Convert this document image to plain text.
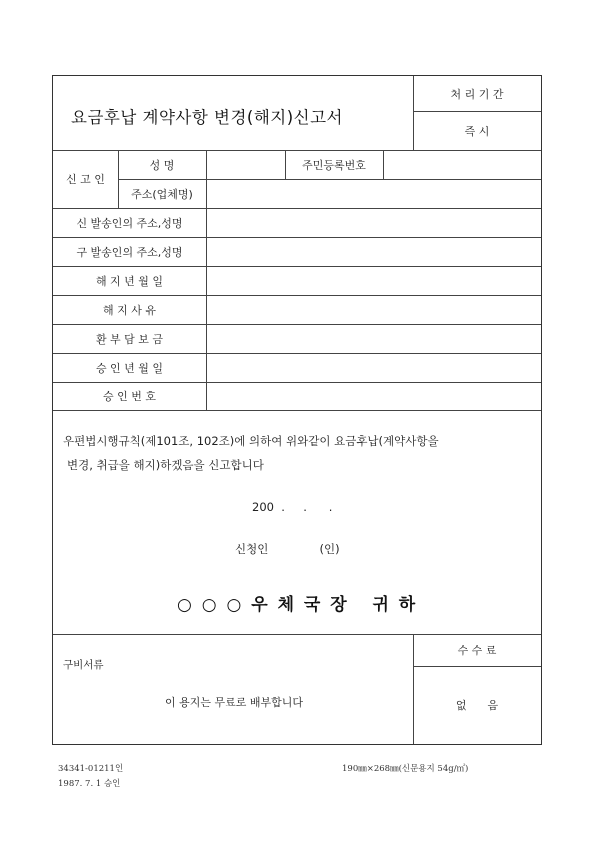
요금후납 계약사항 변경(해지)신고서
처 리 기 간
즉 시
신 고 인
성 명	주민등록번호
주소(업체명)
신 발송인의 주소,성명
구 발송인의 주소,성명
해 지 년 월 일
해 지 사 유
환 부 담 보 금
승 인 년 월 일
승 인 번 호
우편법시행규칙(제101조, 102조)에 의하여 위와같이 요금후납(계약사항을
변경, 취급을 해지)하겠음을 신고합니다
200  .     .      .
신청인              (인)
○ ○ ○ 우 체 국 장   귀 하
구비서류
이 용지는 무료로 배부합니다
수 수 료
없      음
34341-01211인
1987. 7. 1 승인
190㎜×268㎜(신문용지 54g/㎡)
